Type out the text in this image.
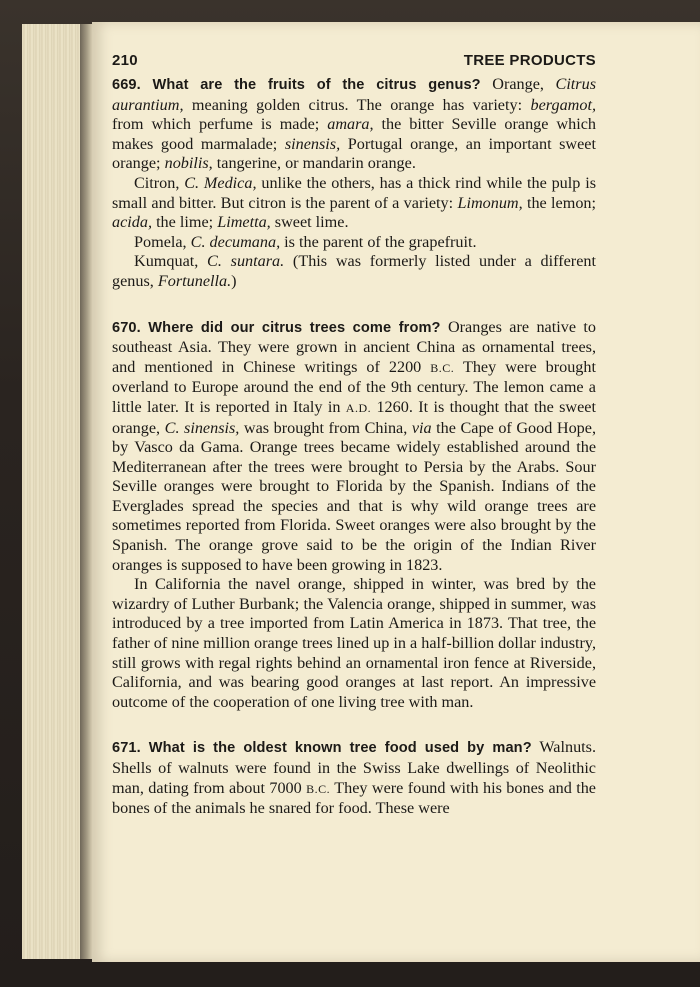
210	TREE PRODUCTS

669. What are the fruits of the citrus genus? Orange, Citrus aurantium, meaning golden citrus. The orange has variety: bergamot, from which perfume is made; amara, the bitter Seville orange which makes good marmalade; sinensis, Portugal orange, an important sweet orange; nobilis, tangerine, or mandarin orange.

Citron, C. Medica, unlike the others, has a thick rind while the pulp is small and bitter. But citron is the parent of a variety: Limonum, the lemon; acida, the lime; Limetta, sweet lime.

Pomela, C. decumana, is the parent of the grapefruit.

Kumquat, C. suntara. (This was formerly listed under a different genus, Fortunella.)

670. Where did our citrus trees come from? Oranges are native to southeast Asia. They were grown in ancient China as ornamental trees, and mentioned in Chinese writings of 2200 B.C. They were brought overland to Europe around the end of the 9th century. The lemon came a little later. It is reported in Italy in A.D. 1260. It is thought that the sweet orange, C. sinensis, was brought from China, via the Cape of Good Hope, by Vasco da Gama. Orange trees became widely established around the Mediterranean after the trees were brought to Persia by the Arabs. Sour Seville oranges were brought to Florida by the Spanish. Indians of the Everglades spread the species and that is why wild orange trees are sometimes reported from Florida. Sweet oranges were also brought by the Spanish. The orange grove said to be the origin of the Indian River oranges is supposed to have been growing in 1823.

In California the navel orange, shipped in winter, was bred by the wizardry of Luther Burbank; the Valencia orange, shipped in summer, was introduced by a tree imported from Latin America in 1873. That tree, the father of nine million orange trees lined up in a half-billion dollar industry, still grows with regal rights behind an ornamental iron fence at Riverside, California, and was bearing good oranges at last report. An impressive outcome of the cooperation of one living tree with man.

671. What is the oldest known tree food used by man? Walnuts. Shells of walnuts were found in the Swiss Lake dwellings of Neolithic man, dating from about 7000 B.C. They were found with his bones and the bones of the animals he snared for food. These were
